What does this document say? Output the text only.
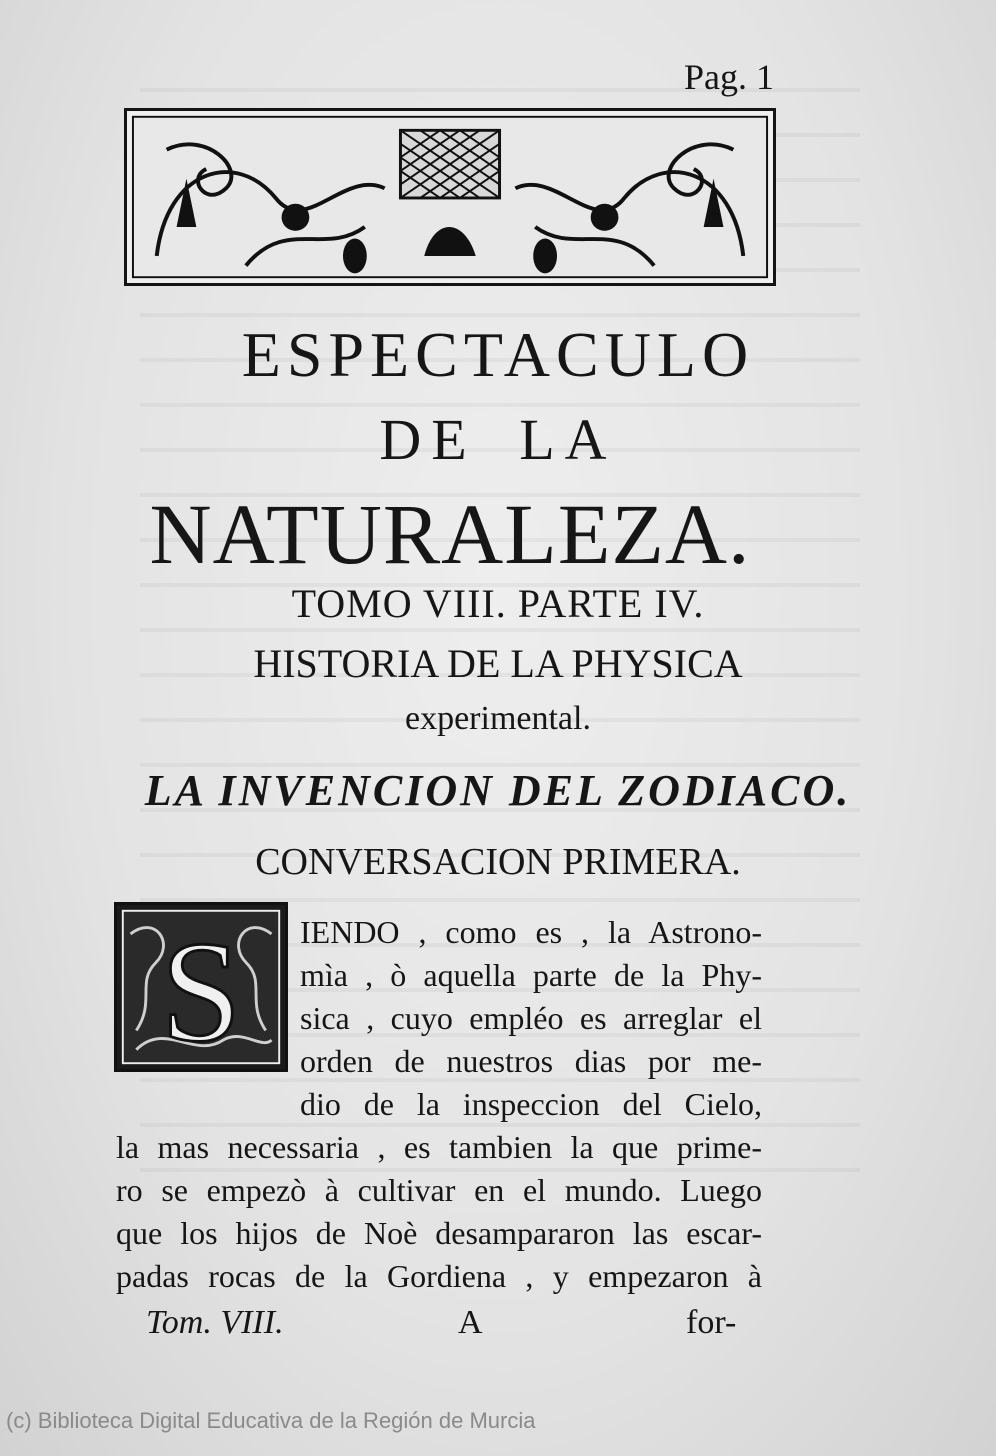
Pag. 1
ESPECTACULO
DE LA
NATURALEZA.
TOMO VIII. PARTE IV.
HISTORIA DE LA PHYSICA
experimental.
LA INVENCION DEL ZODIACO.
CONVERSACION PRIMERA.
S IENDO , como es , la Astrono-
mìa , ò aquella parte de la Phy-
sica , cuyo empléo es arreglar el
orden de nuestros dias por me-
dio de la inspeccion del Cielo,
la mas necessaria , es tambien la que prime-
ro se empezò à cultivar en el mundo. Luego
que los hijos de Noè desampararon las escar-
padas rocas de la Gordiena , y empezaron à
Tom. VIII.	A	for-
(c) Biblioteca Digital Educativa de la Región de Murcia
